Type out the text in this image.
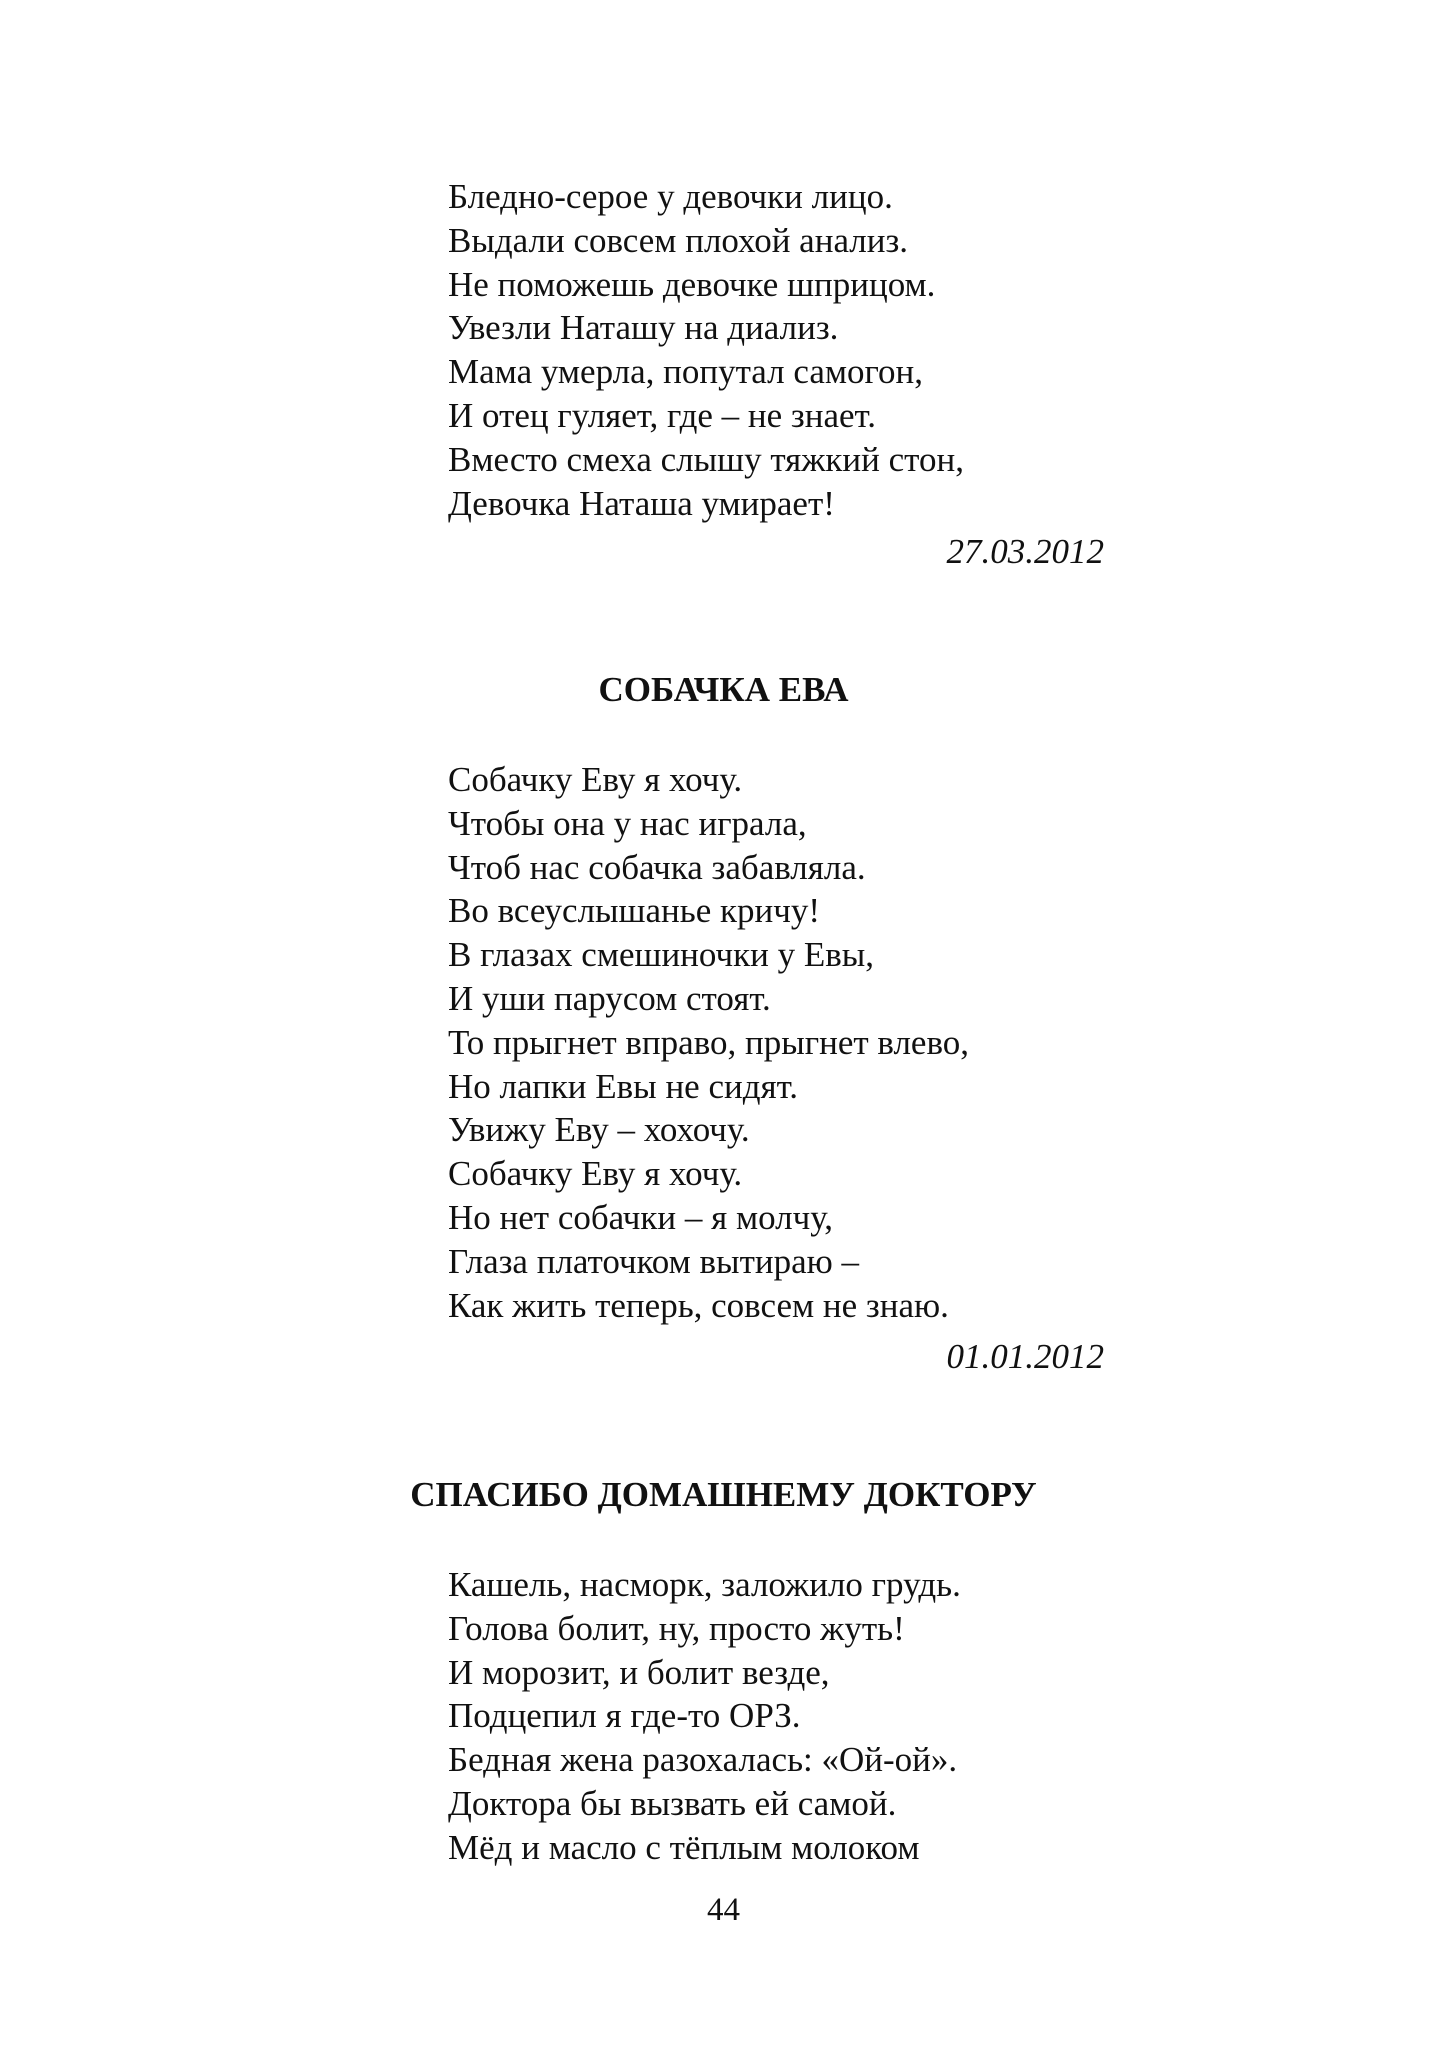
Бледно-серое у девочки лицо.
Выдали совсем плохой анализ.
Не поможешь девочке шприцом.
Увезли Наташу на диализ.
Мама умерла, попутал самогон,
И отец гуляет, где – не знает.
Вместо смеха слышу тяжкий стон,
Девочка Наташа умирает!
27.03.2012
СОБАЧКА ЕВА
Собачку Еву я хочу.
Чтобы она у нас играла,
Чтоб нас собачка забавляла.
Во всеуслышанье кричу!
В глазах смешиночки у Евы,
И уши парусом стоят.
То прыгнет вправо, прыгнет влево,
Но лапки Евы не сидят.
Увижу Еву – хохочу.
Собачку Еву я хочу.
Но нет собачки – я молчу,
Глаза платочком вытираю –
Как жить теперь, совсем не знаю.
01.01.2012
СПАСИБО ДОМАШНЕМУ ДОКТОРУ
Кашель, насморк, заложило грудь.
Голова болит, ну, просто жуть!
И морозит, и болит везде,
Подцепил я где-то ОРЗ.
Бедная жена разохалась: «Ой-ой».
Доктора бы вызвать ей самой.
Мёд и масло с тёплым молоком
44
